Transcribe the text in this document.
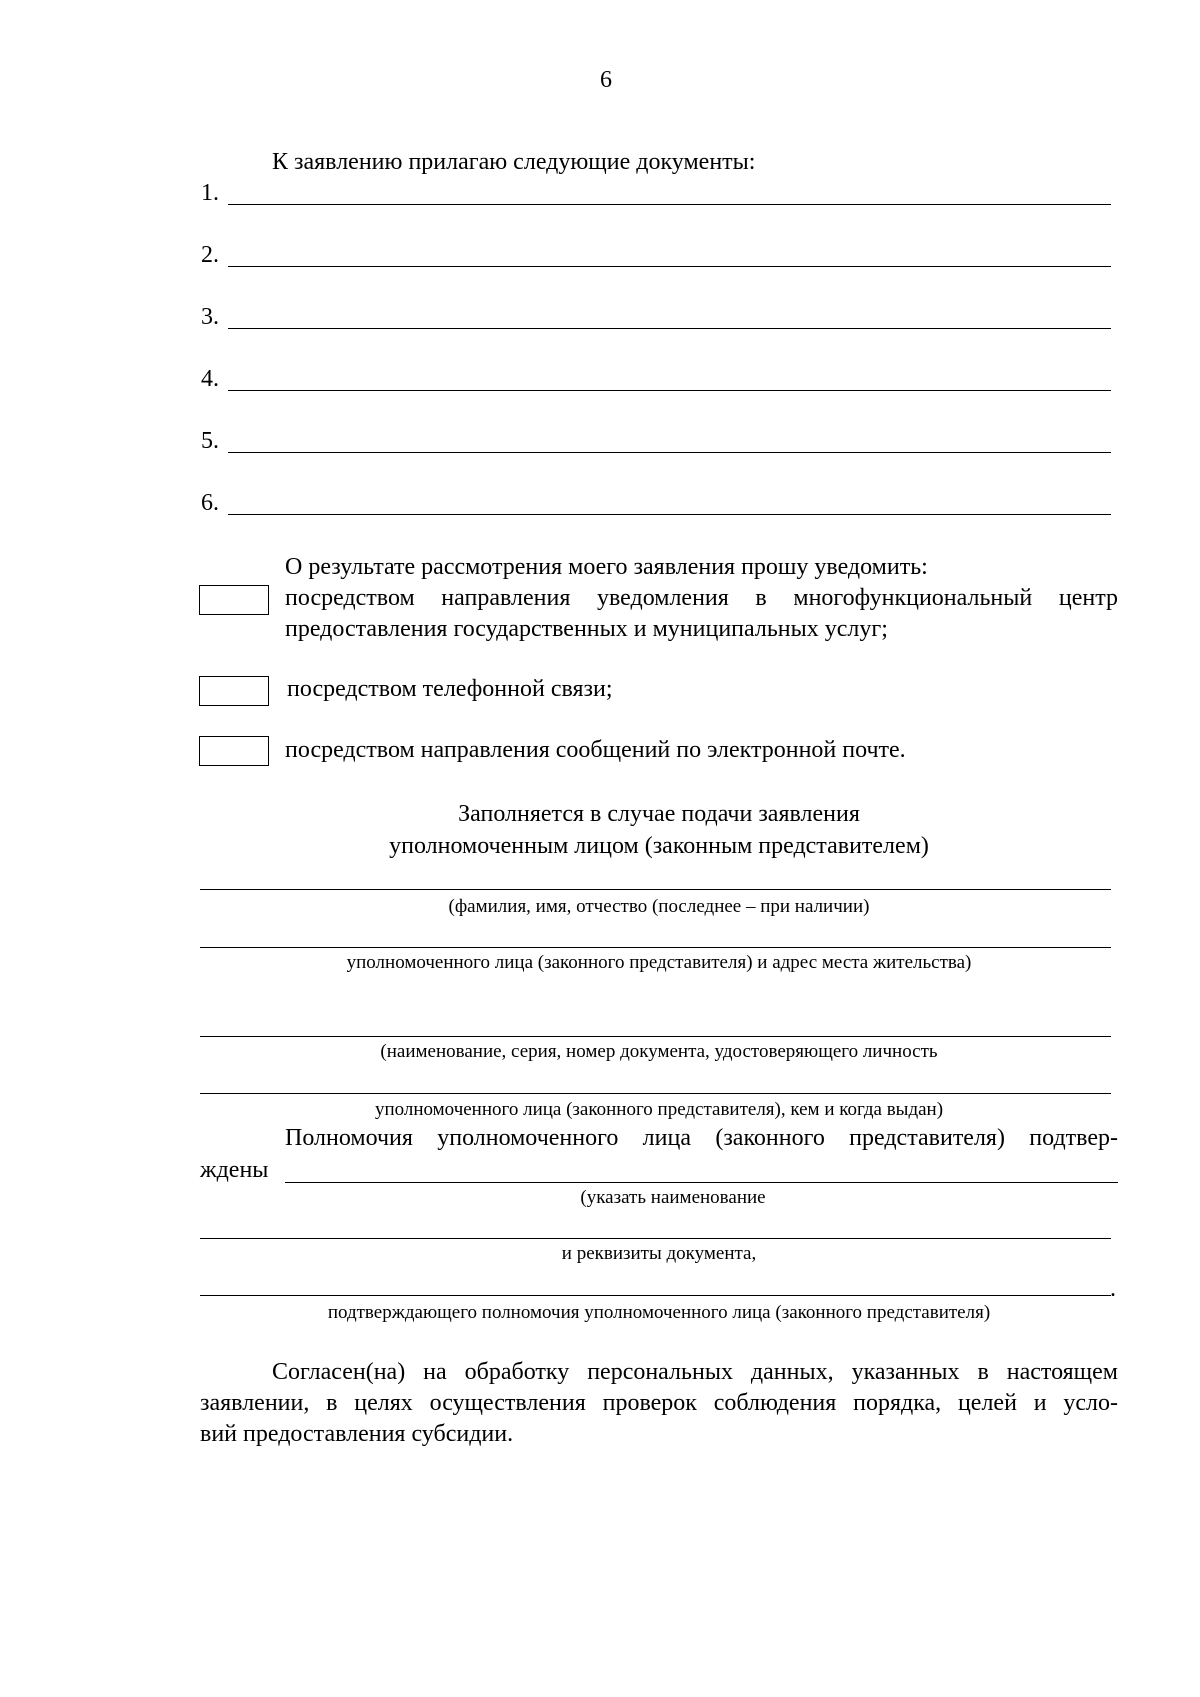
6
К заявлению прилагаю следующие документы:
1.
2.
3.
4.
5.
6.
О результате рассмотрения моего заявления прошу уведомить:
посредством направления уведомления в многофункциональный центр
предоставления государственных и муниципальных услуг;
посредством телефонной связи;
посредством направления сообщений по электронной почте.
Заполняется в случае подачи заявления
уполномоченным лицом (законным представителем)
(фамилия, имя, отчество (последнее – при наличии)
уполномоченного лица (законного представителя) и адрес места жительства)
(наименование, серия, номер документа, удостоверяющего личность
уполномоченного лица (законного представителя), кем и когда выдан)
Полномочия уполномоченного лица (законного представителя) подтвер-
ждены
(указать наименование
и реквизиты документа,
.
подтверждающего полномочия уполномоченного лица (законного представителя)
Согласен(на) на обработку персональных данных, указанных в настоящем
заявлении, в целях осуществления проверок соблюдения порядка, целей и усло-
вий предоставления субсидии.
